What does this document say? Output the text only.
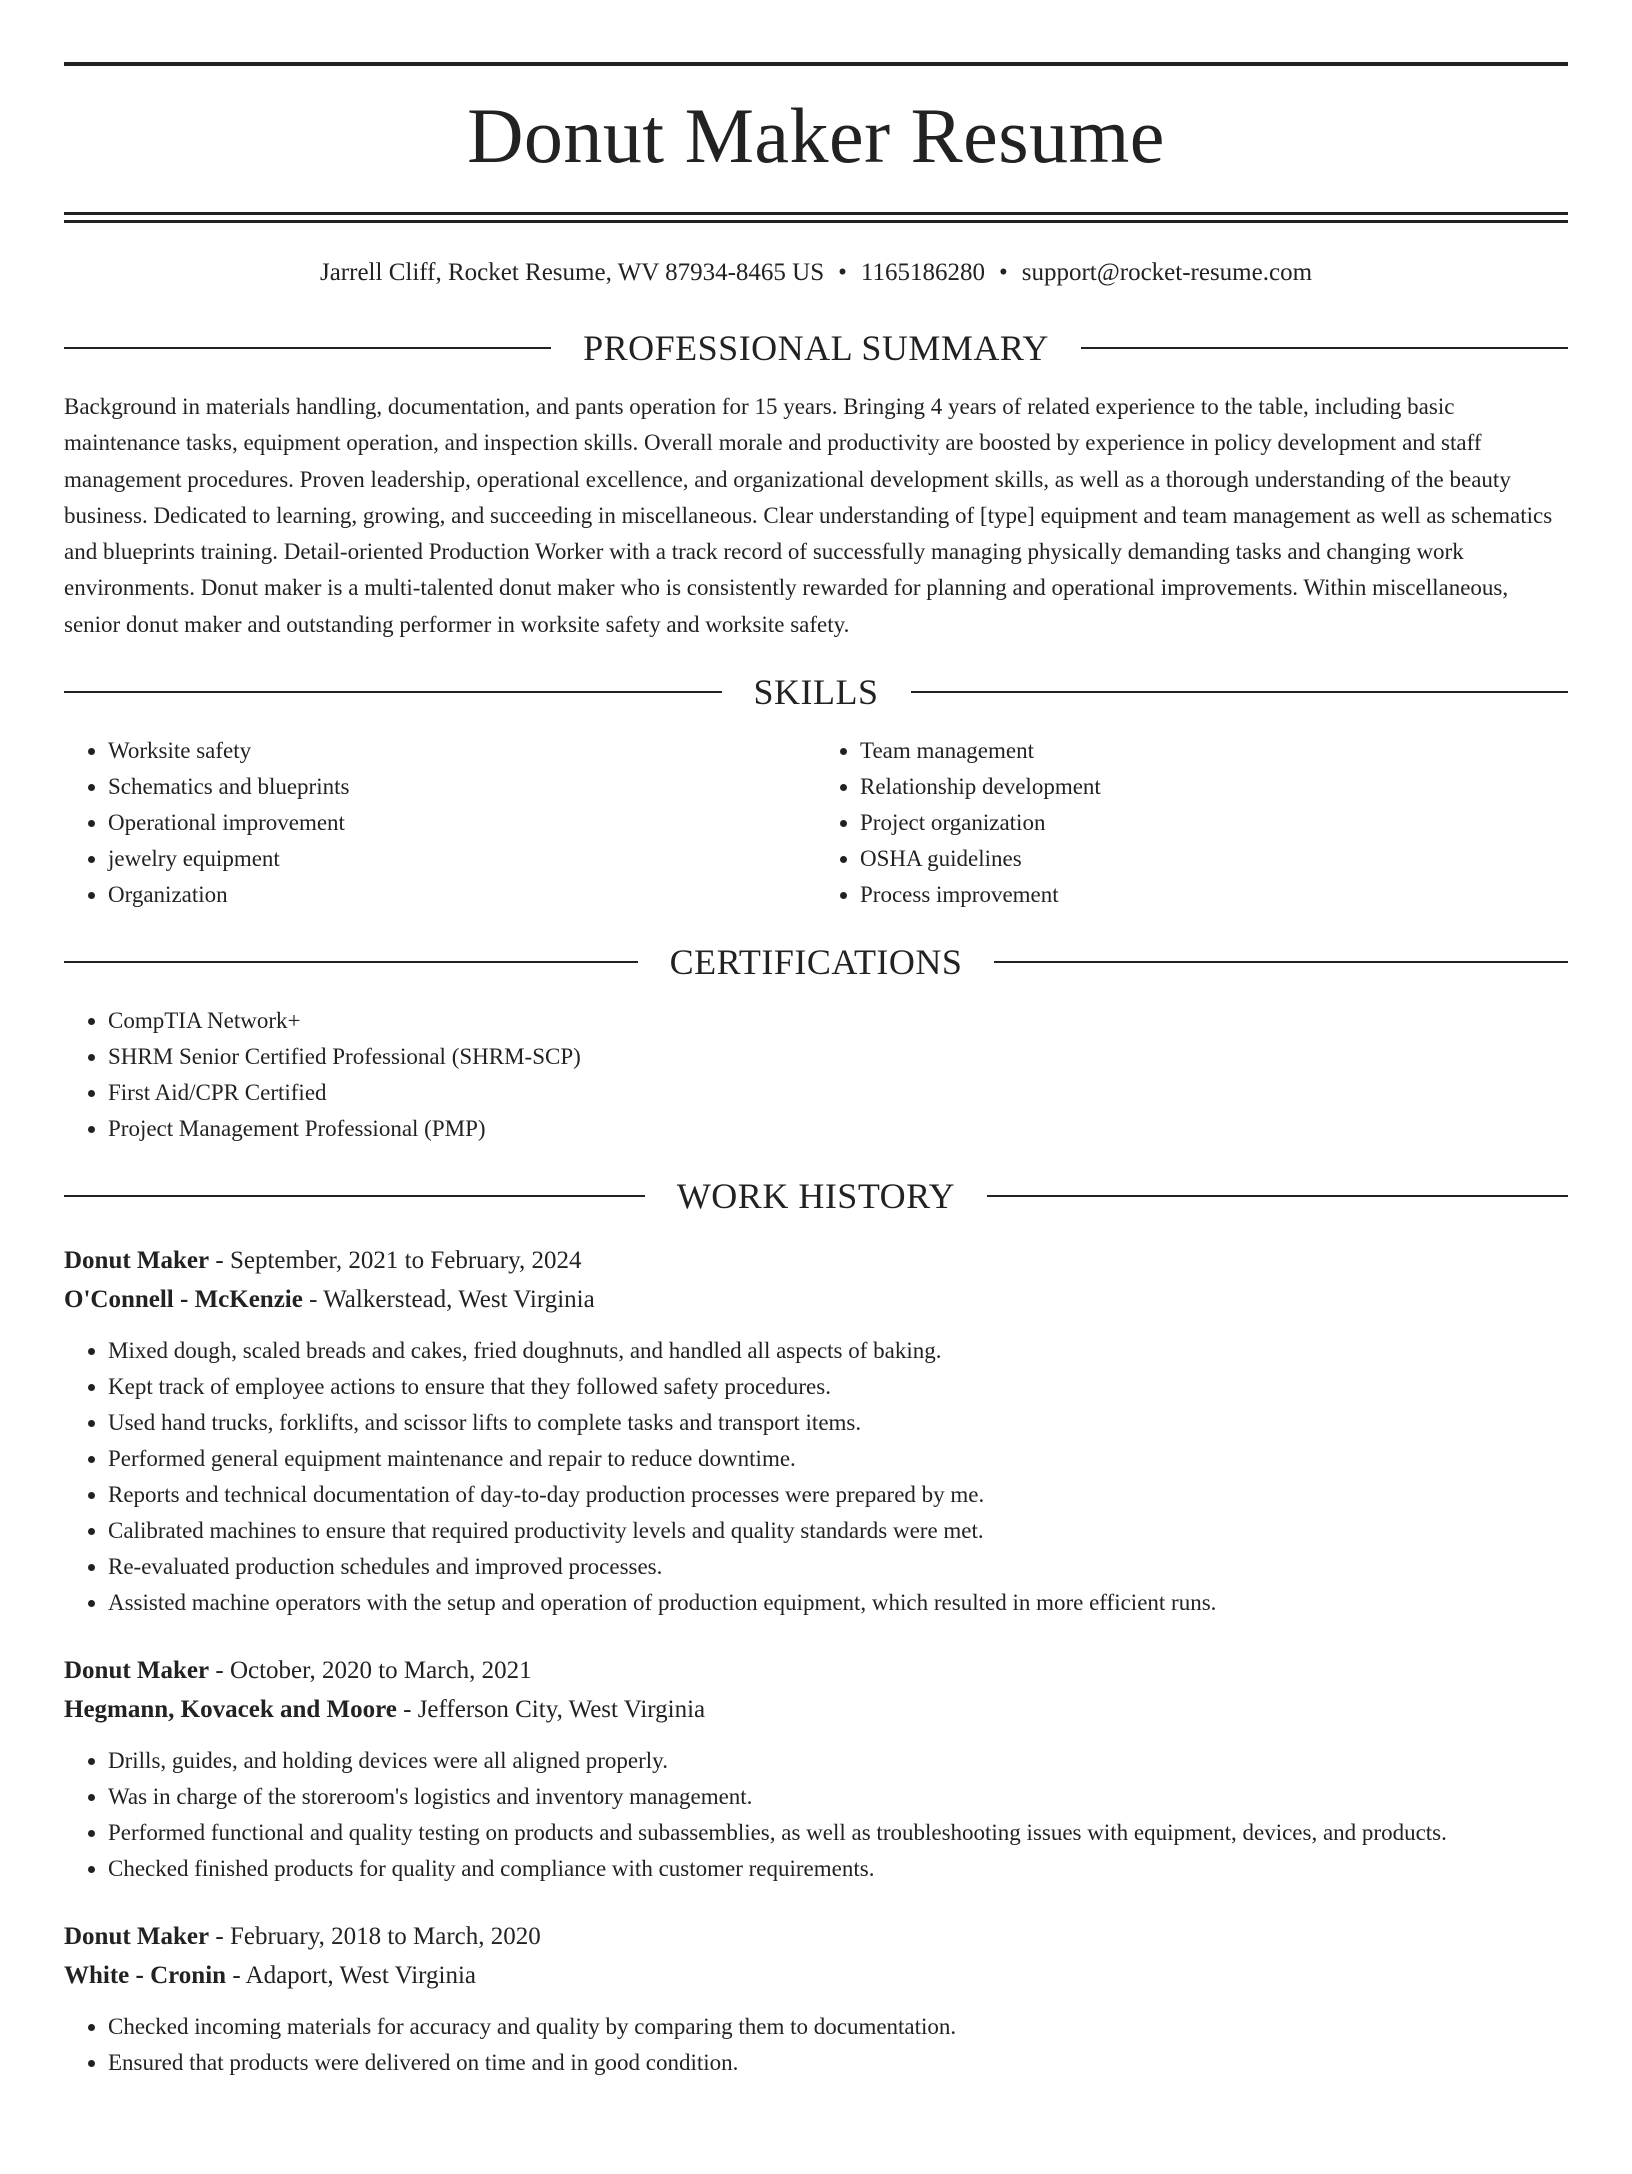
Donut Maker Resume
Jarrell Cliff, Rocket Resume, WV 87934-8465 US • 1165186280 • support@rocket-resume.com
PROFESSIONAL SUMMARY

Background in materials handling, documentation, and pants operation for 15 years. Bringing 4 years of related experience to the table, including basic maintenance tasks, equipment operation, and inspection skills. Overall morale and productivity are boosted by experience in policy development and staff management procedures. Proven leadership, operational excellence, and organizational development skills, as well as a thorough understanding of the beauty business. Dedicated to learning, growing, and succeeding in miscellaneous. Clear understanding of [type] equipment and team management as well as schematics and blueprints training. Detail-oriented Production Worker with a track record of successfully managing physically demanding tasks and changing work environments. Donut maker is a multi-talented donut maker who is consistently rewarded for planning and operational improvements. Within miscellaneous, senior donut maker and outstanding performer in worksite safety and worksite safety.

SKILLS
• Worksite safety
• Schematics and blueprints
• Operational improvement
• jewelry equipment
• Organization
• Team management
• Relationship development
• Project organization
• OSHA guidelines
• Process improvement
CERTIFICATIONS
• CompTIA Network+
• SHRM Senior Certified Professional (SHRM-SCP)
• First Aid/CPR Certified
• Project Management Professional (PMP)
WORK HISTORY
Donut Maker - September, 2021 to February, 2024
O'Connell - McKenzie - Walkerstead, West Virginia
• Mixed dough, scaled breads and cakes, fried doughnuts, and handled all aspects of baking.
• Kept track of employee actions to ensure that they followed safety procedures.
• Used hand trucks, forklifts, and scissor lifts to complete tasks and transport items.
• Performed general equipment maintenance and repair to reduce downtime.
• Reports and technical documentation of day-to-day production processes were prepared by me.
• Calibrated machines to ensure that required productivity levels and quality standards were met.
• Re-evaluated production schedules and improved processes.
• Assisted machine operators with the setup and operation of production equipment, which resulted in more efficient runs.
Donut Maker - October, 2020 to March, 2021
Hegmann, Kovacek and Moore - Jefferson City, West Virginia
• Drills, guides, and holding devices were all aligned properly.
• Was in charge of the storeroom's logistics and inventory management.
• Performed functional and quality testing on products and subassemblies, as well as troubleshooting issues with equipment, devices, and products.
• Checked finished products for quality and compliance with customer requirements.
Donut Maker - February, 2018 to March, 2020
White - Cronin - Adaport, West Virginia
• Checked incoming materials for accuracy and quality by comparing them to documentation.
• Ensured that products were delivered on time and in good condition.
